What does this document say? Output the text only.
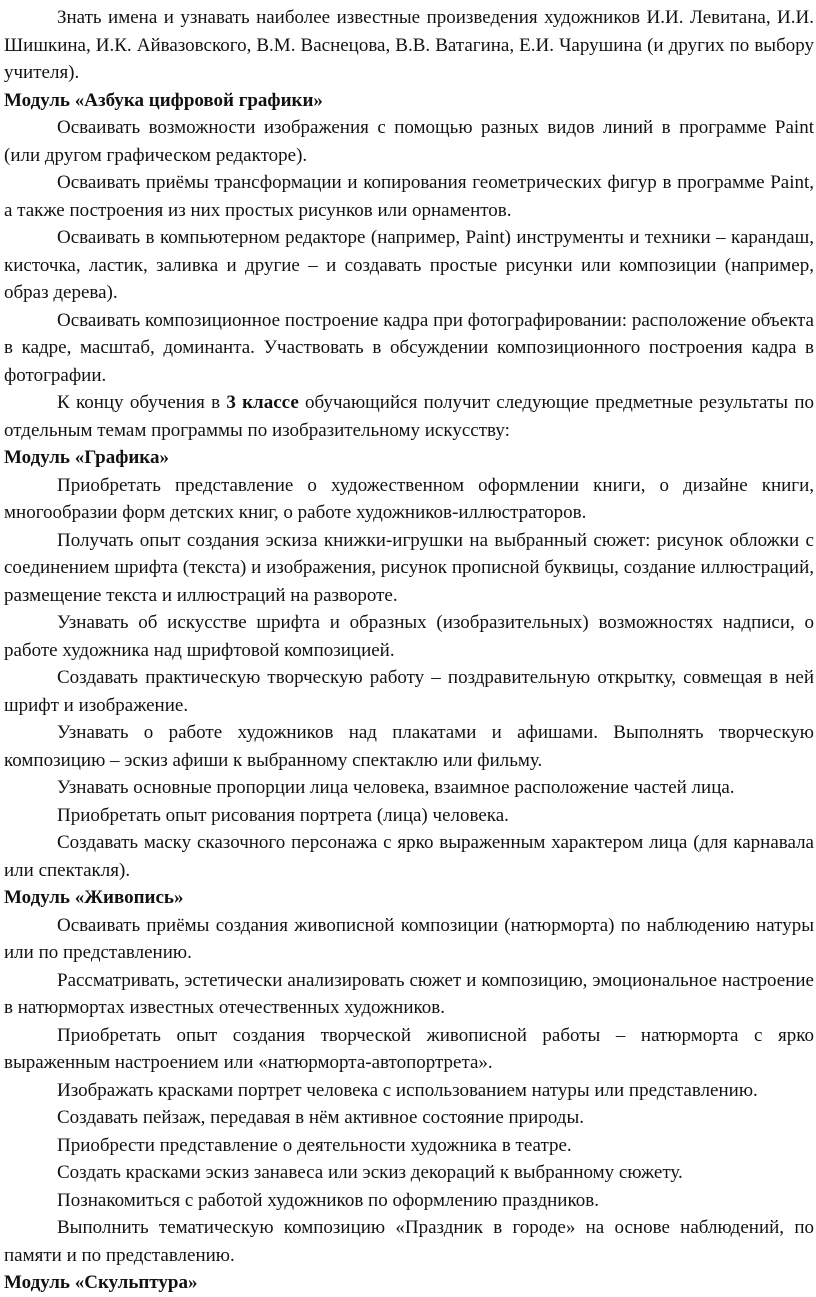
Знать имена и узнавать наиболее известные произведения художников И.И. Левитана, И.И. Шишкина, И.К. Айвазовского, В.М. Васнецова, В.В. Ватагина, Е.И. Чарушина (и других по выбору учителя).

Модуль «Азбука цифровой графики»

Осваивать возможности изображения с помощью разных видов линий в программе Paint (или другом графическом редакторе).

Осваивать приёмы трансформации и копирования геометрических фигур в программе Paint, а также построения из них простых рисунков или орнаментов.

Осваивать в компьютерном редакторе (например, Paint) инструменты и техники – карандаш, кисточка, ластик, заливка и другие – и создавать простые рисунки или композиции (например, образ дерева).

Осваивать композиционное построение кадра при фотографировании: расположение объекта в кадре, масштаб, доминанта. Участвовать в обсуждении композиционного построения кадра в фотографии.

К концу обучения в 3 классе обучающийся получит следующие предметные результаты по отдельным темам программы по изобразительному искусству:

Модуль «Графика»

Приобретать представление о художественном оформлении книги, о дизайне книги, многообразии форм детских книг, о работе художников-иллюстраторов.

Получать опыт создания эскиза книжки-игрушки на выбранный сюжет: рисунок обложки с соединением шрифта (текста) и изображения, рисунок прописной буквицы, создание иллюстраций, размещение текста и иллюстраций на развороте.

Узнавать об искусстве шрифта и образных (изобразительных) возможностях надписи, о работе художника над шрифтовой композицией.

Создавать практическую творческую работу – поздравительную открытку, совмещая в ней шрифт и изображение.

Узнавать о работе художников над плакатами и афишами. Выполнять творческую композицию – эскиз афиши к выбранному спектаклю или фильму.

Узнавать основные пропорции лица человека, взаимное расположение частей лица.

Приобретать опыт рисования портрета (лица) человека.

Создавать маску сказочного персонажа с ярко выраженным характером лица (для карнавала или спектакля).

Модуль «Живопись»

Осваивать приёмы создания живописной композиции (натюрморта) по наблюдению натуры или по представлению.

Рассматривать, эстетически анализировать сюжет и композицию, эмоциональное настроение в натюрмортах известных отечественных художников.

Приобретать опыт создания творческой живописной работы – натюрморта с ярко выраженным настроением или «натюрморта-автопортрета».

Изображать красками портрет человека с использованием натуры или представлению.

Создавать пейзаж, передавая в нём активное состояние природы.

Приобрести представление о деятельности художника в театре.

Создать красками эскиз занавеса или эскиз декораций к выбранному сюжету.

Познакомиться с работой художников по оформлению праздников.

Выполнить тематическую композицию «Праздник в городе» на основе наблюдений, по памяти и по представлению.

Модуль «Скульптура»
